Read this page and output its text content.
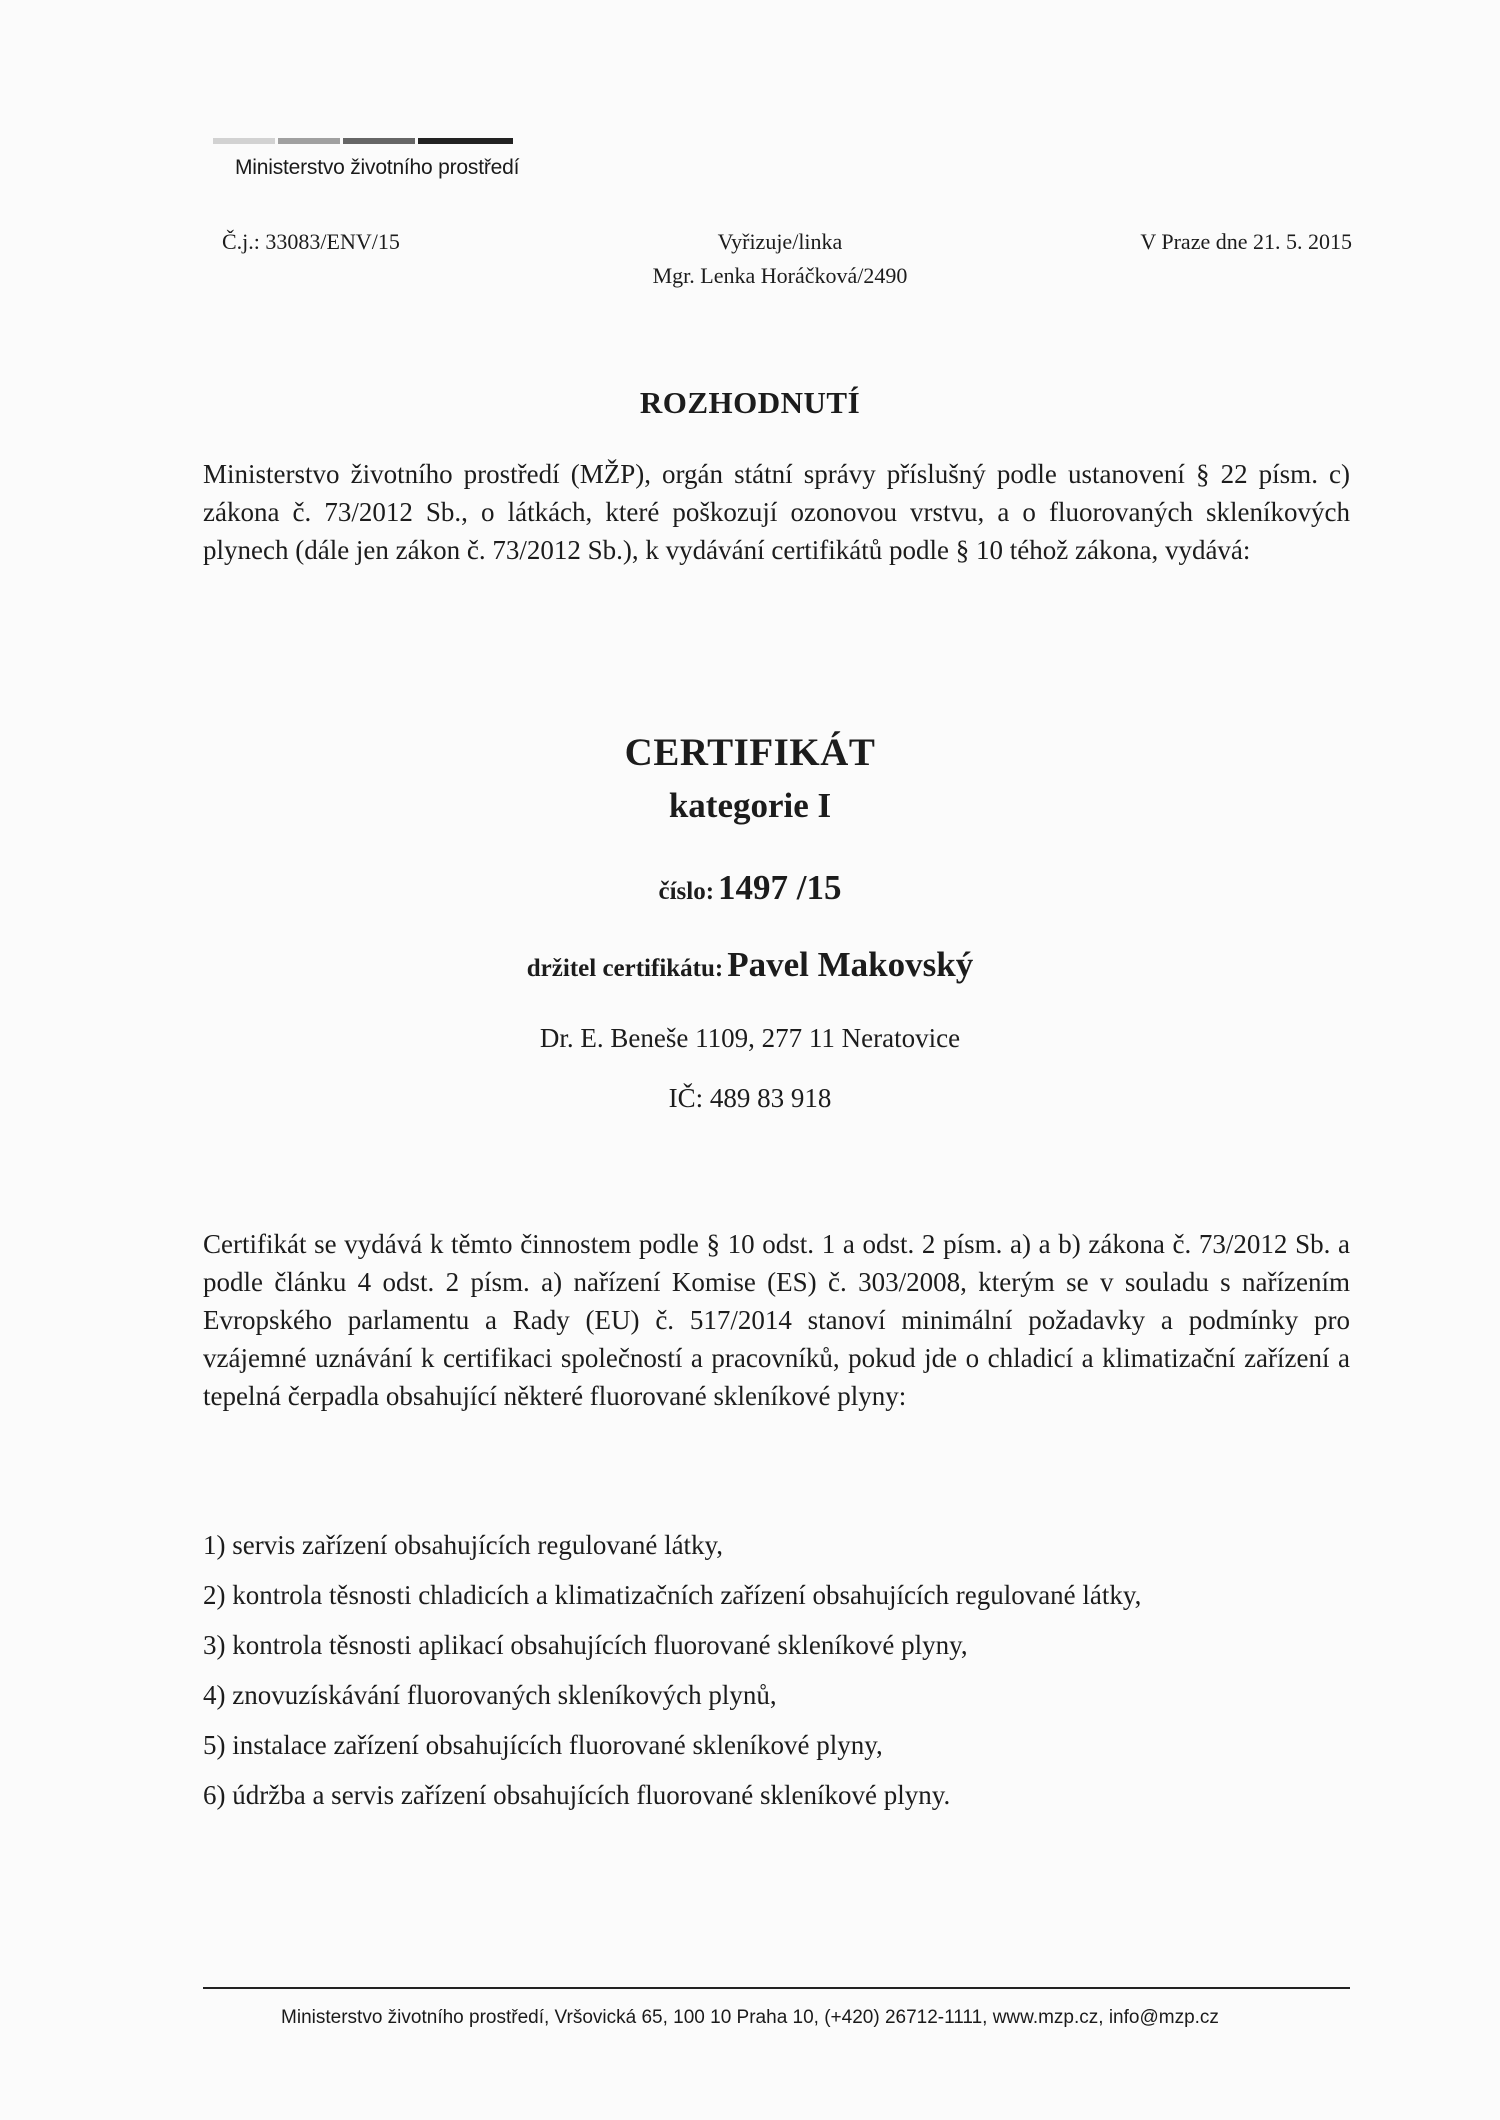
Ministerstvo životního prostředí
Č.j.: 33083/ENV/15	Vyřizuje/linka
Mgr. Lenka Horáčková/2490
V Praze dne 21. 5. 2015
ROZHODNUTÍ

Ministerstvo životního prostředí (MŽP), orgán státní správy příslušný podle ustanovení § 22 písm. c) zákona č. 73/2012 Sb., o látkách, které poškozují ozonovou vrstvu, a o fluorovaných skleníkových plynech (dále jen zákon č. 73/2012 Sb.), k vydávání certifikátů podle § 10 téhož zákona, vydává:

CERTIFIKÁT
kategorie I
číslo: 1497 /15
držitel certifikátu: Pavel Makovský
Dr. E. Beneše 1109, 277 11 Neratovice
IČ: 489 83 918

Certifikát se vydává k těmto činnostem podle § 10 odst. 1 a odst. 2 písm. a) a b) zákona č. 73/2012 Sb. a podle článku 4 odst. 2 písm. a) nařízení Komise (ES) č. 303/2008, kterým se v souladu s nařízením Evropského parlamentu a Rady (EU) č. 517/2014 stanoví minimální požadavky a podmínky pro vzájemné uznávání k certifikaci společností a pracovníků, pokud jde o chladicí a klimatizační zařízení a tepelná čerpadla obsahující některé fluorované skleníkové plyny:

1) servis zařízení obsahujících regulované látky,
2) kontrola těsnosti chladicích a klimatizačních zařízení obsahujících regulované látky,
3) kontrola těsnosti aplikací obsahujících fluorované skleníkové plyny,
4) znovuzískávání fluorovaných skleníkových plynů,
5) instalace zařízení obsahujících fluorované skleníkové plyny,
6) údržba a servis zařízení obsahujících fluorované skleníkové plyny.
Ministerstvo životního prostředí, Vršovická 65, 100 10 Praha 10, (+420) 26712-1111, www.mzp.cz, info@mzp.cz
